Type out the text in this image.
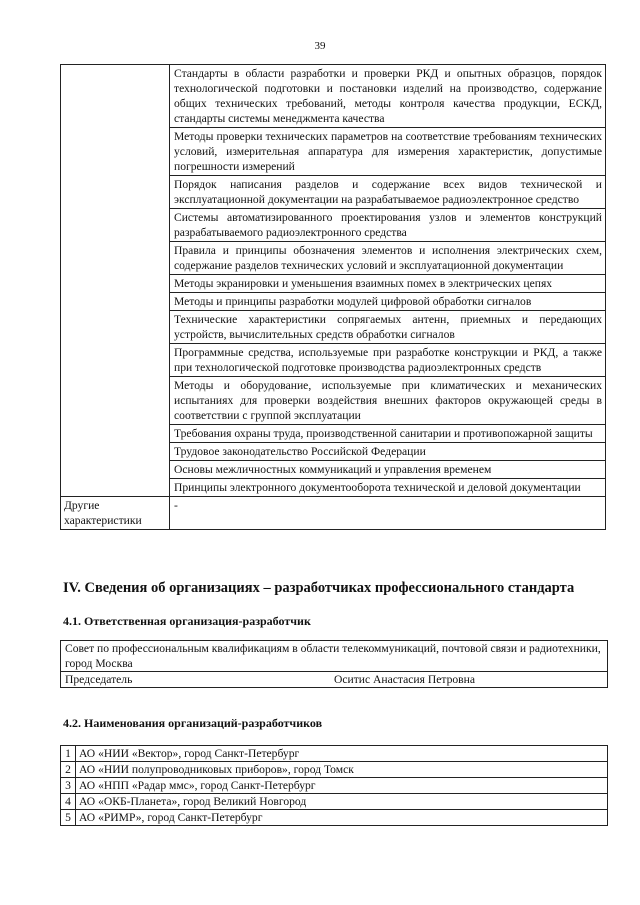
39
	Стандарты в области разработки и проверки РКД и опытных образцов, порядок технологической подготовки и постановки изделий на производство, содержание общих технических требований, методы контроля качества продукции, ЕСКД, стандарты системы менеджмента качества
	Методы проверки технических параметров на соответствие требованиям технических условий, измерительная аппаратура для измерения характеристик, допустимые погрешности измерений
	Порядок написания разделов и содержание всех видов технической и эксплуатационной документации на разрабатываемое радиоэлектронное средство
	Системы автоматизированного проектирования узлов и элементов конструкций разрабатываемого радиоэлектронного средства
	Правила и принципы обозначения элементов и исполнения электрических схем, содержание разделов технических условий и эксплуатационной документации
	Методы экранировки и уменьшения взаимных помех в электрических цепях
	Методы и принципы разработки модулей цифровой обработки сигналов
	Технические характеристики сопрягаемых антенн, приемных и передающих устройств, вычислительных средств обработки сигналов
	Программные средства, используемые при разработке конструкции и РКД, а также при технологической подготовке производства радиоэлектронных средств
	Методы и оборудование, используемые при климатических и механических испытаниях для проверки воздействия внешних факторов окружающей среды в соответствии с группой эксплуатации
	Требования охраны труда, производственной санитарии и противопожарной защиты
	Трудовое законодательство Российской Федерации
	Основы межличностных коммуникаций и управления временем
	Принципы электронного документооборота технической и деловой документации
Другие характеристики	-
IV. Сведения об организациях – разработчиках профессионального стандарта
4.1. Ответственная организация-разработчик
Совет по профессиональным квалификациям в области телекоммуникаций, почтовой связи и радиотехники, город Москва
Председатель	Оситис Анастасия Петровна
4.2. Наименования организаций-разработчиков
1	АО «НИИ «Вектор», город Санкт-Петербург
2	АО «НИИ полупроводниковых приборов», город Томск
3	АО «НПП «Радар ммс», город Санкт-Петербург
4	АО «ОКБ-Планета», город Великий Новгород
5	АО «РИМР», город Санкт-Петербург
